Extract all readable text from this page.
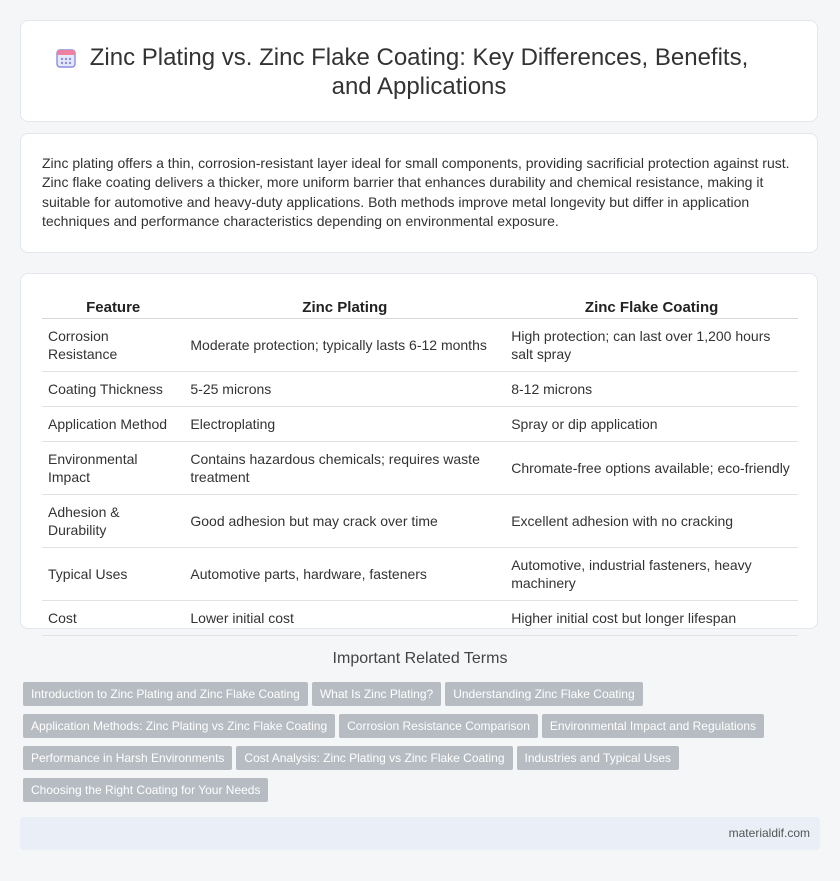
Zinc Plating vs. Zinc Flake Coating: Key Differences, Benefits, and Applications
Zinc plating offers a thin, corrosion-resistant layer ideal for small components, providing sacrificial protection against rust. Zinc flake coating delivers a thicker, more uniform barrier that enhances durability and chemical resistance, making it suitable for automotive and heavy-duty applications. Both methods improve metal longevity but differ in application techniques and performance characteristics depending on environmental exposure.
Feature	Zinc Plating	Zinc Flake Coating
Corrosion Resistance	Moderate protection; typically lasts 6-12 months	High protection; can last over 1,200 hours salt spray
Coating Thickness	5-25 microns	8-12 microns
Application Method	Electroplating	Spray or dip application
Environmental Impact	Contains hazardous chemicals; requires waste treatment	Chromate-free options available; eco-friendly
Adhesion & Durability	Good adhesion but may crack over time	Excellent adhesion with no cracking
Typical Uses	Automotive parts, hardware, fasteners	Automotive, industrial fasteners, heavy machinery
Cost	Lower initial cost	Higher initial cost but longer lifespan
Important Related Terms
Introduction to Zinc Plating and Zinc Flake Coating What Is Zinc Plating? Understanding Zinc Flake Coating
Application Methods: Zinc Plating vs Zinc Flake Coating Corrosion Resistance Comparison Environmental Impact and Regulations
Performance in Harsh Environments Cost Analysis: Zinc Plating vs Zinc Flake Coating Industries and Typical Uses
Choosing the Right Coating for Your Needs
materialdif.com
